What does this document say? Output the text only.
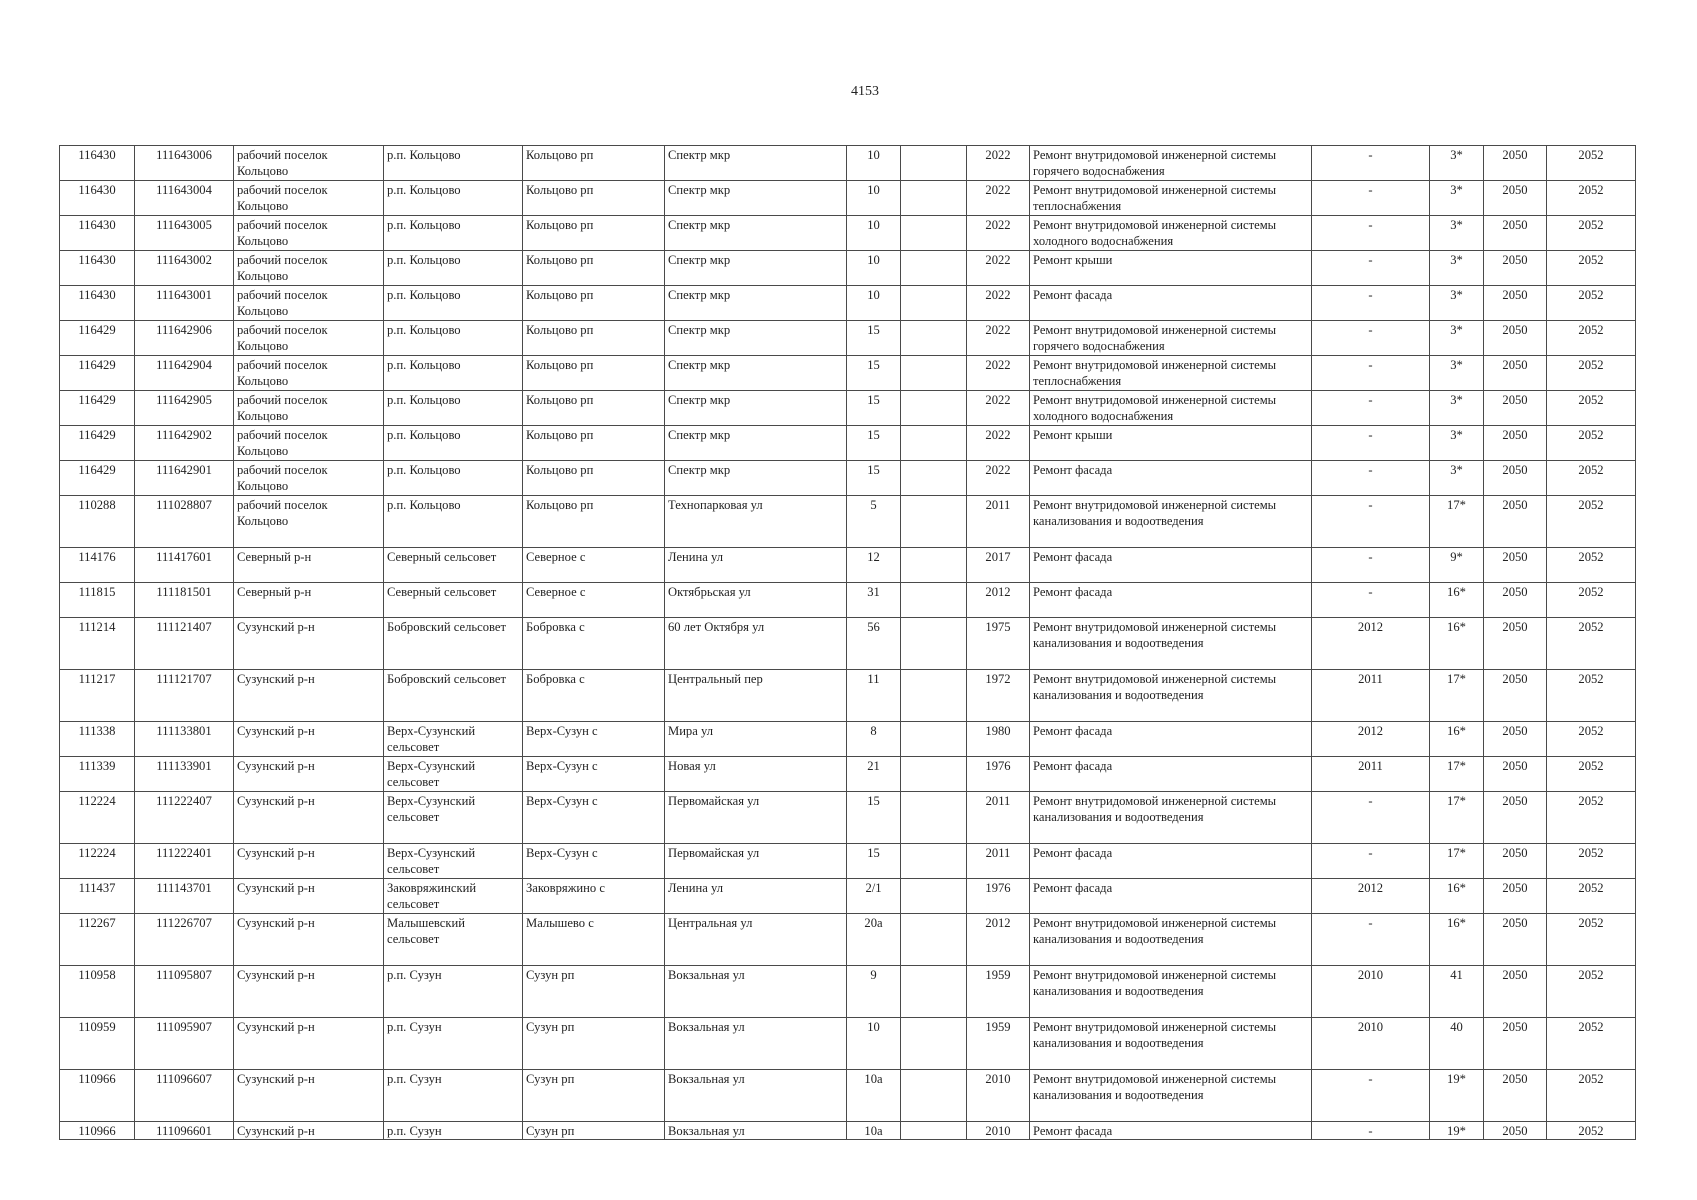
4153
116430	111643006	рабочий поселок Кольцово	р.п. Кольцово	Кольцово рп	Спектр мкр	10		2022	Ремонт внутридомовой инженерной системы горячего водоснабжения	-	3*	2050	2052
116430	111643004	рабочий поселок Кольцово	р.п. Кольцово	Кольцово рп	Спектр мкр	10		2022	Ремонт внутридомовой инженерной системы теплоснабжения	-	3*	2050	2052
116430	111643005	рабочий поселок Кольцово	р.п. Кольцово	Кольцово рп	Спектр мкр	10		2022	Ремонт внутридомовой инженерной системы холодного водоснабжения	-	3*	2050	2052
116430	111643002	рабочий поселок Кольцово	р.п. Кольцово	Кольцово рп	Спектр мкр	10		2022	Ремонт крыши	-	3*	2050	2052
116430	111643001	рабочий поселок Кольцово	р.п. Кольцово	Кольцово рп	Спектр мкр	10		2022	Ремонт фасада	-	3*	2050	2052
116429	111642906	рабочий поселок Кольцово	р.п. Кольцово	Кольцово рп	Спектр мкр	15		2022	Ремонт внутридомовой инженерной системы горячего водоснабжения	-	3*	2050	2052
116429	111642904	рабочий поселок Кольцово	р.п. Кольцово	Кольцово рп	Спектр мкр	15		2022	Ремонт внутридомовой инженерной системы теплоснабжения	-	3*	2050	2052
116429	111642905	рабочий поселок Кольцово	р.п. Кольцово	Кольцово рп	Спектр мкр	15		2022	Ремонт внутридомовой инженерной системы холодного водоснабжения	-	3*	2050	2052
116429	111642902	рабочий поселок Кольцово	р.п. Кольцово	Кольцово рп	Спектр мкр	15		2022	Ремонт крыши	-	3*	2050	2052
116429	111642901	рабочий поселок Кольцово	р.п. Кольцово	Кольцово рп	Спектр мкр	15		2022	Ремонт фасада	-	3*	2050	2052
110288	111028807	рабочий поселок Кольцово	р.п. Кольцово	Кольцово рп	Технопарковая ул	5		2011	Ремонт внутридомовой инженерной системы канализования и водоотведения	-	17*	2050	2052
114176	111417601	Северный р-н	Северный сельсовет	Северное с	Ленина ул	12		2017	Ремонт фасада	-	9*	2050	2052
111815	111181501	Северный р-н	Северный сельсовет	Северное с	Октябрьская ул	31		2012	Ремонт фасада	-	16*	2050	2052
111214	111121407	Сузунский р-н	Бобровский сельсовет	Бобровка с	60 лет Октября ул	56		1975	Ремонт внутридомовой инженерной системы канализования и водоотведения	2012	16*	2050	2052
111217	111121707	Сузунский р-н	Бобровский сельсовет	Бобровка с	Центральный пер	11		1972	Ремонт внутридомовой инженерной системы канализования и водоотведения	2011	17*	2050	2052
111338	111133801	Сузунский р-н	Верх-Сузунский сельсовет	Верх-Сузун с	Мира ул	8		1980	Ремонт фасада	2012	16*	2050	2052
111339	111133901	Сузунский р-н	Верх-Сузунский сельсовет	Верх-Сузун с	Новая ул	21		1976	Ремонт фасада	2011	17*	2050	2052
112224	111222407	Сузунский р-н	Верх-Сузунский сельсовет	Верх-Сузун с	Первомайская ул	15		2011	Ремонт внутридомовой инженерной системы канализования и водоотведения	-	17*	2050	2052
112224	111222401	Сузунский р-н	Верх-Сузунский сельсовет	Верх-Сузун с	Первомайская ул	15		2011	Ремонт фасада	-	17*	2050	2052
111437	111143701	Сузунский р-н	Заковряжинский сельсовет	Заковряжино с	Ленина ул	2/1		1976	Ремонт фасада	2012	16*	2050	2052
112267	111226707	Сузунский р-н	Малышевский сельсовет	Малышево с	Центральная ул	20а		2012	Ремонт внутридомовой инженерной системы канализования и водоотведения	-	16*	2050	2052
110958	111095807	Сузунский р-н	р.п. Сузун	Сузун рп	Вокзальная ул	9		1959	Ремонт внутридомовой инженерной системы канализования и водоотведения	2010	41	2050	2052
110959	111095907	Сузунский р-н	р.п. Сузун	Сузун рп	Вокзальная ул	10		1959	Ремонт внутридомовой инженерной системы канализования и водоотведения	2010	40	2050	2052
110966	111096607	Сузунский р-н	р.п. Сузун	Сузун рп	Вокзальная ул	10а		2010	Ремонт внутридомовой инженерной системы канализования и водоотведения	-	19*	2050	2052
110966	111096601	Сузунский р-н	р.п. Сузун	Сузун рп	Вокзальная ул	10а		2010	Ремонт фасада	-	19*	2050	2052
